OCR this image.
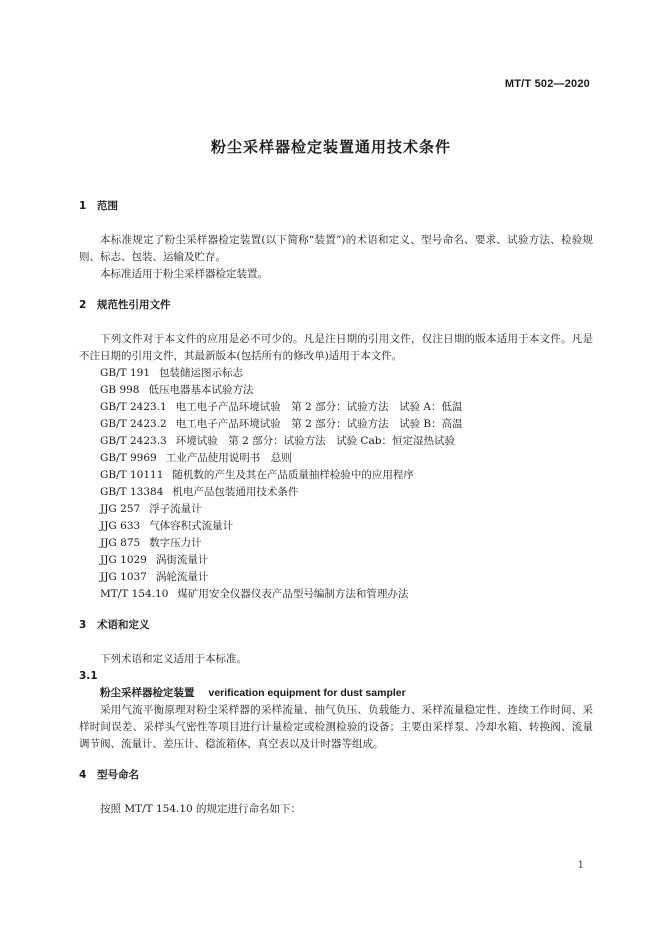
MT/T 502—2020
粉尘采样器检定装置通用技术条件

1 范围

本标准规定了粉尘采样器检定装置(以下简称“装置”)的术语和定义、型号命名、要求、试验方法、检验规则、标志、包装、运输及贮存。

本标准适用于粉尘采样器检定装置。

2 规范性引用文件

下列文件对于本文件的应用是必不可少的。凡是注日期的引用文件，仅注日期的版本适用于本文件。凡是不注日期的引用文件，其最新版本(包括所有的修改单)适用于本文件。

GB/T 191 包装储运图示标志
GB 998 低压电器基本试验方法
GB/T 2423.1 电工电子产品环境试验　第 2 部分：试验方法　试验 A：低温
GB/T 2423.2 电工电子产品环境试验　第 2 部分：试验方法　试验 B：高温
GB/T 2423.3 环境试验　第 2 部分：试验方法　试验 Cab：恒定湿热试验
GB/T 9969 工业产品使用说明书　总则
GB/T 10111 随机数的产生及其在产品质量抽样检验中的应用程序
GB/T 13384 机电产品包装通用技术条件
JJG 257 浮子流量计
JJG 633 气体容积式流量计
JJG 875 数字压力计
JJG 1029 涡街流量计
JJG 1037 涡轮流量计
MT/T 154.10 煤矿用安全仪器仪表产品型号编制方法和管理办法

3 术语和定义

下列术语和定义适用于本标准。

3.1

粉尘采样器检定装置 verification equipment for dust sampler

采用气流平衡原理对粉尘采样器的采样流量、抽气负压、负载能力、采样流量稳定性、连续工作时间、采样时间误差、采样头气密性等项目进行计量检定或检测检验的设备；主要由采样泵、冷却水箱、转换阀、流量调节阀、流量计、差压计、稳流箱体、真空表以及计时器等组成。

4 型号命名

按照 MT/T 154.10 的规定进行命名如下：

1
